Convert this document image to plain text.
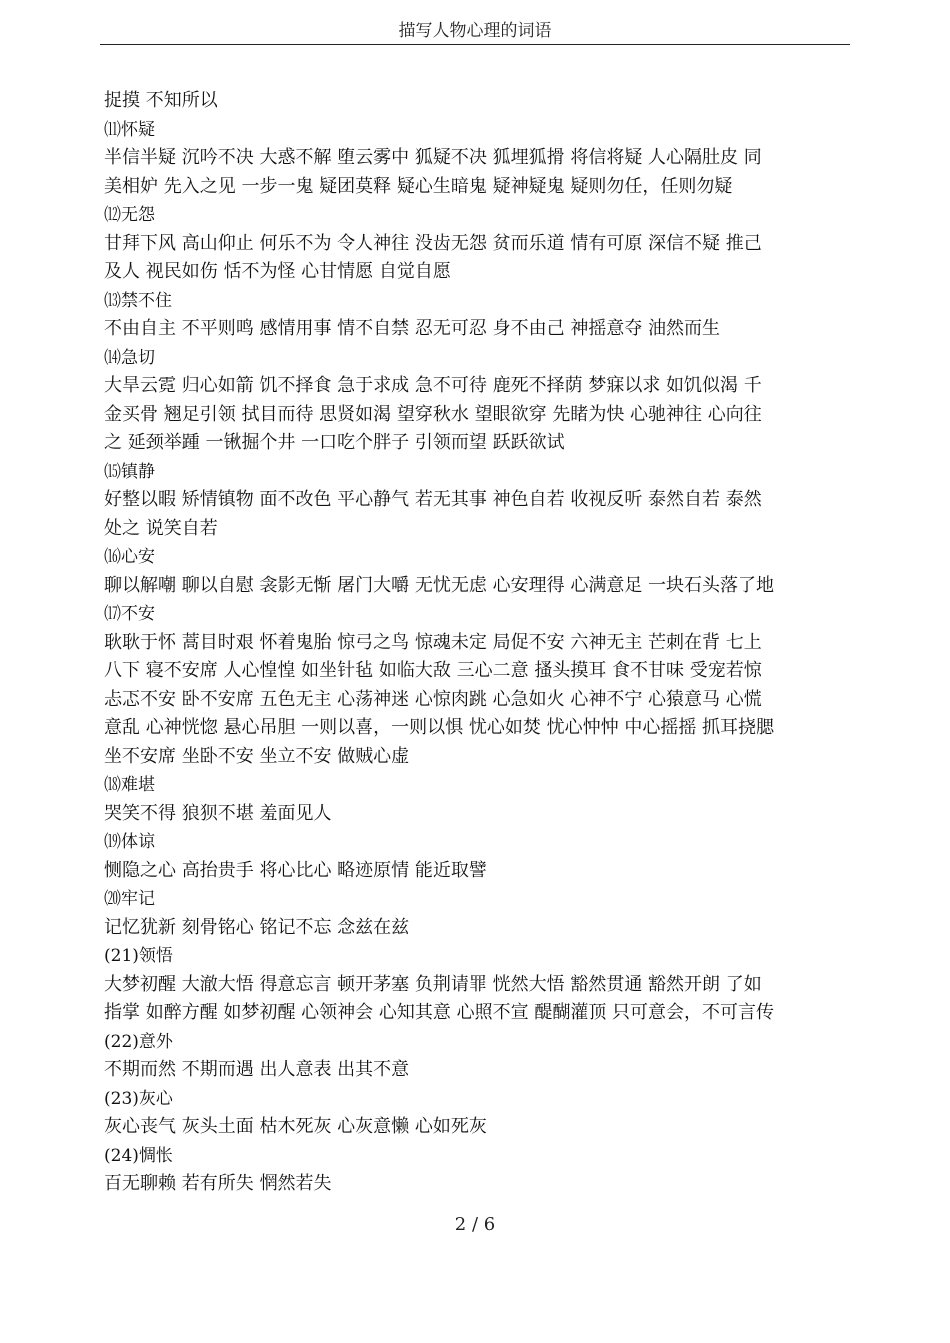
描写人物心理的词语
捉摸 不知所以
⑾怀疑
半信半疑 沉吟不决 大惑不解 堕云雾中 狐疑不决 狐埋狐搰 将信将疑 人心隔肚皮 同
美相妒 先入之见 一步一鬼 疑团莫释 疑心生暗鬼 疑神疑鬼 疑则勿任，任则勿疑
⑿无怨
甘拜下风 高山仰止 何乐不为 令人神往 没齿无怨 贫而乐道 情有可原 深信不疑 推己
及人 视民如伤 恬不为怪 心甘情愿 自觉自愿
⒀禁不住
不由自主 不平则鸣 感情用事 情不自禁 忍无可忍 身不由己 神摇意夺 油然而生
⒁急切
大旱云霓 归心如箭 饥不择食 急于求成 急不可待 鹿死不择荫 梦寐以求 如饥似渴 千
金买骨 翘足引领 拭目而待 思贤如渴 望穿秋水 望眼欲穿 先睹为快 心驰神往 心向往
之 延颈举踵 一锹掘个井 一口吃个胖子 引领而望 跃跃欲试
⒂镇静
好整以暇 矫情镇物 面不改色 平心静气 若无其事 神色自若 收视反听 泰然自若 泰然
处之 说笑自若
⒃心安
聊以解嘲 聊以自慰 衾影无惭 屠门大嚼 无忧无虑 心安理得 心满意足 一块石头落了地
⒄不安
耿耿于怀 蒿目时艰 怀着鬼胎 惊弓之鸟 惊魂未定 局促不安 六神无主 芒刺在背 七上
八下 寝不安席 人心惶惶 如坐针毡 如临大敌 三心二意 搔头摸耳 食不甘味 受宠若惊
忐忑不安 卧不安席 五色无主 心荡神迷 心惊肉跳 心急如火 心神不宁 心猿意马 心慌
意乱 心神恍惚 悬心吊胆 一则以喜，一则以惧 忧心如焚 忧心忡忡 中心摇摇 抓耳挠腮
坐不安席 坐卧不安 坐立不安 做贼心虚
⒅难堪
哭笑不得 狼狈不堪 羞面见人
⒆体谅
恻隐之心 高抬贵手 将心比心 略迹原情 能近取譬
⒇牢记
记忆犹新 刻骨铭心 铭记不忘 念兹在兹
(21)领悟
大梦初醒 大澈大悟 得意忘言 顿开茅塞 负荆请罪 恍然大悟 豁然贯通 豁然开朗 了如
指掌 如醉方醒 如梦初醒 心领神会 心知其意 心照不宣 醍醐灌顶 只可意会，不可言传
(22)意外
不期而然 不期而遇 出人意表 出其不意
(23)灰心
灰心丧气 灰头土面 枯木死灰 心灰意懒 心如死灰
(24)惆怅
百无聊赖 若有所失 惘然若失
2 / 6
